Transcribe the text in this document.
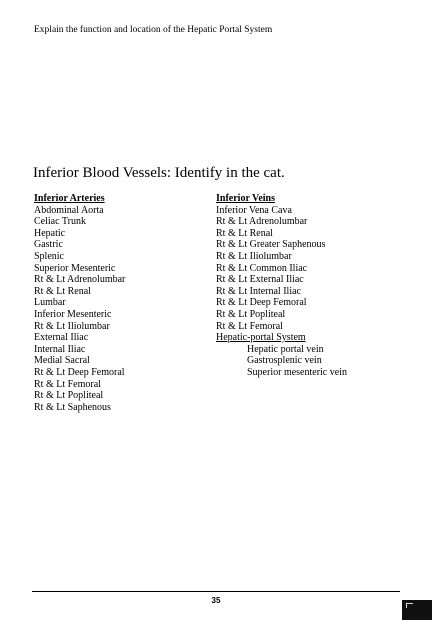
Explain the function and location of the Hepatic Portal System
Inferior Blood Vessels: Identify in the cat.
Inferior Arteries
Abdominal Aorta
Celiac Trunk
Hepatic
Gastric
Splenic
Superior Mesenteric
Rt & Lt Adrenolumbar
Rt & Lt Renal
Lumbar
Inferior Mesenteric
Rt & Lt Iliolumbar
External Iliac
Internal Iliac
Medial Sacral
Rt & Lt Deep Femoral
Rt & Lt Femoral
Rt & Lt Popliteal
Rt & Lt Saphenous
Inferior Veins
Inferior Vena Cava
Rt & Lt Adrenolumbar
Rt & Lt Renal
Rt & Lt Greater Saphenous
Rt & Lt Iliolumbar
Rt & Lt Common Iliac
Rt & Lt External Iliac
Rt & Lt Internal Iliac
Rt & Lt Deep Femoral
Rt & Lt Popliteal
Rt & Lt Femoral
Hepatic-portal System
Hepatic portal vein
Gastrosplenic vein
Superior mesenteric vein
35
